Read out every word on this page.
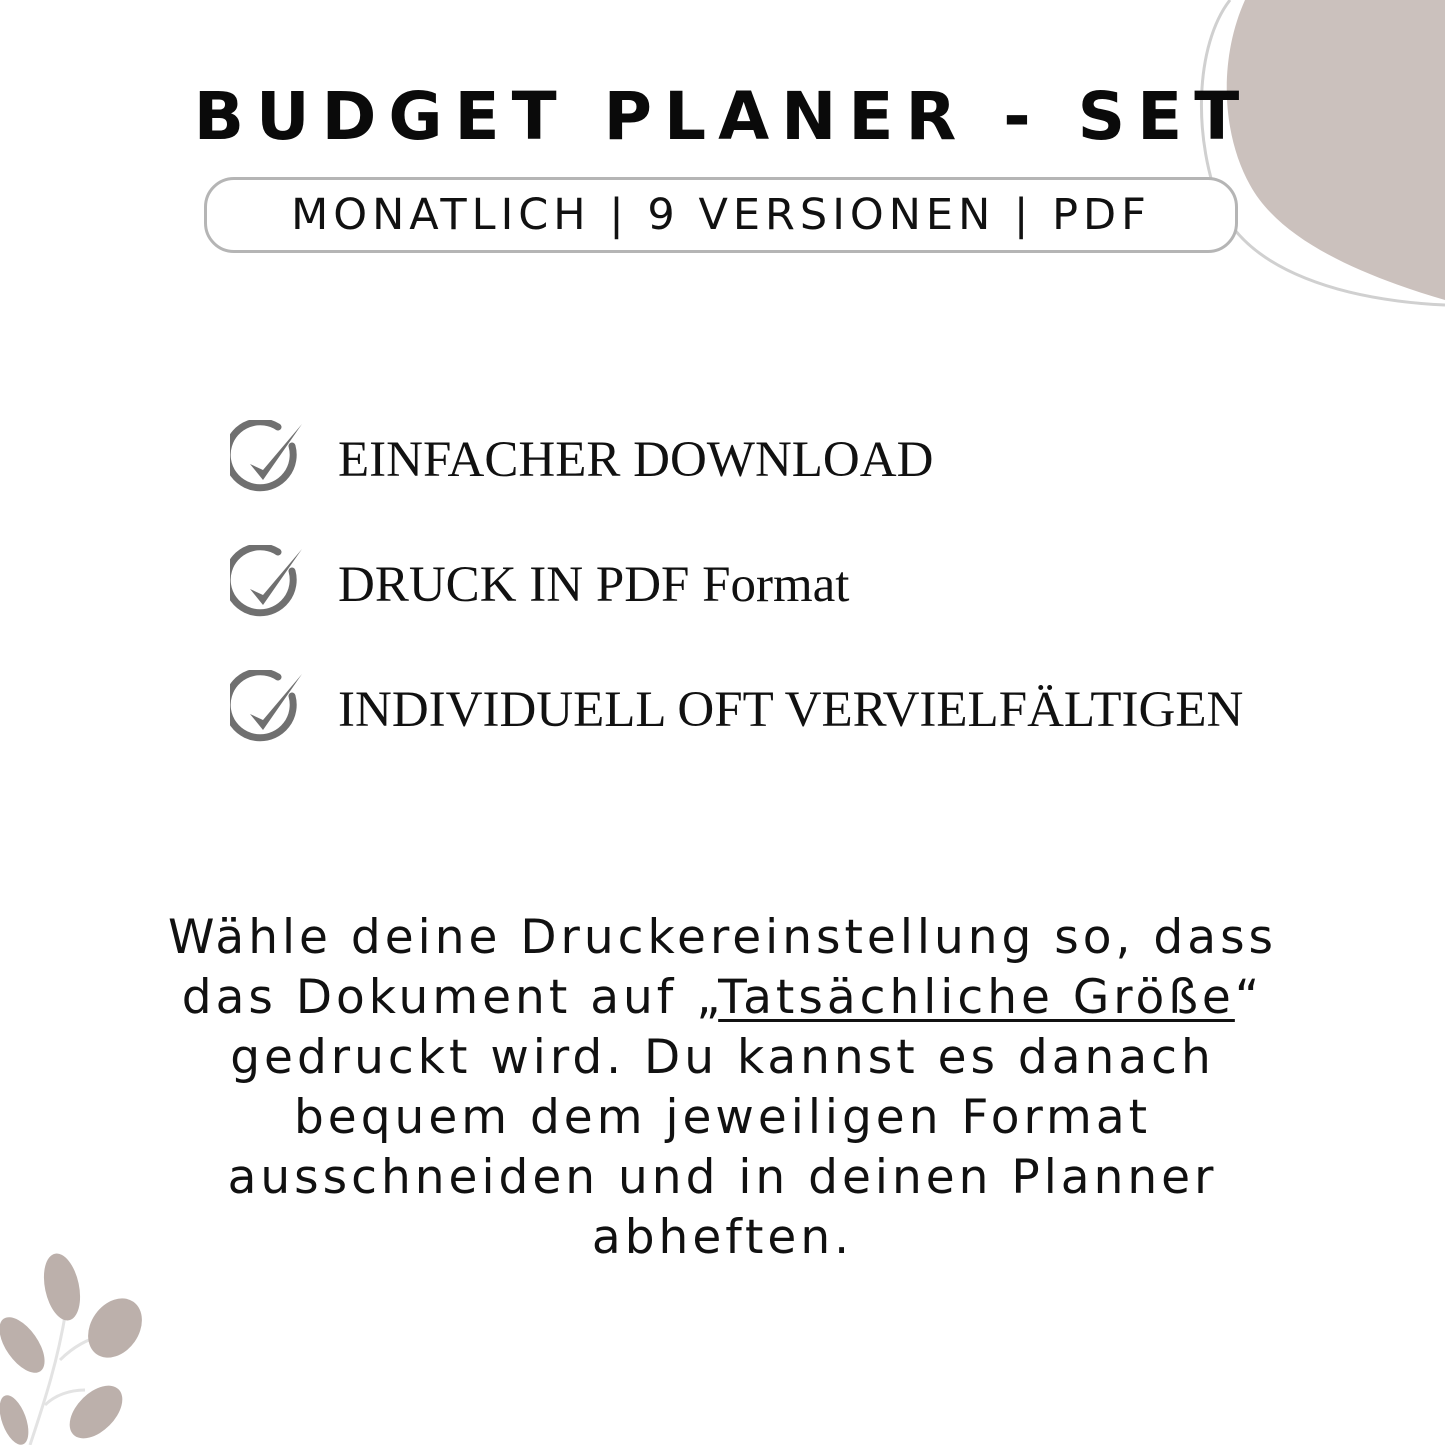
BUDGET PLANER - SET
MONATLICH | 9 VERSIONEN | PDF
EINFACHER DOWNLOAD
DRUCK IN PDF Format
INDIVIDUELL OFT VERVIELFÄLTIGEN
Wähle deine Druckereinstellung so, dass das Dokument auf „Tatsächliche Größe“ gedruckt wird. Du kannst es danach bequem dem jeweiligen Format ausschneiden und in deinen Planner abheften.
